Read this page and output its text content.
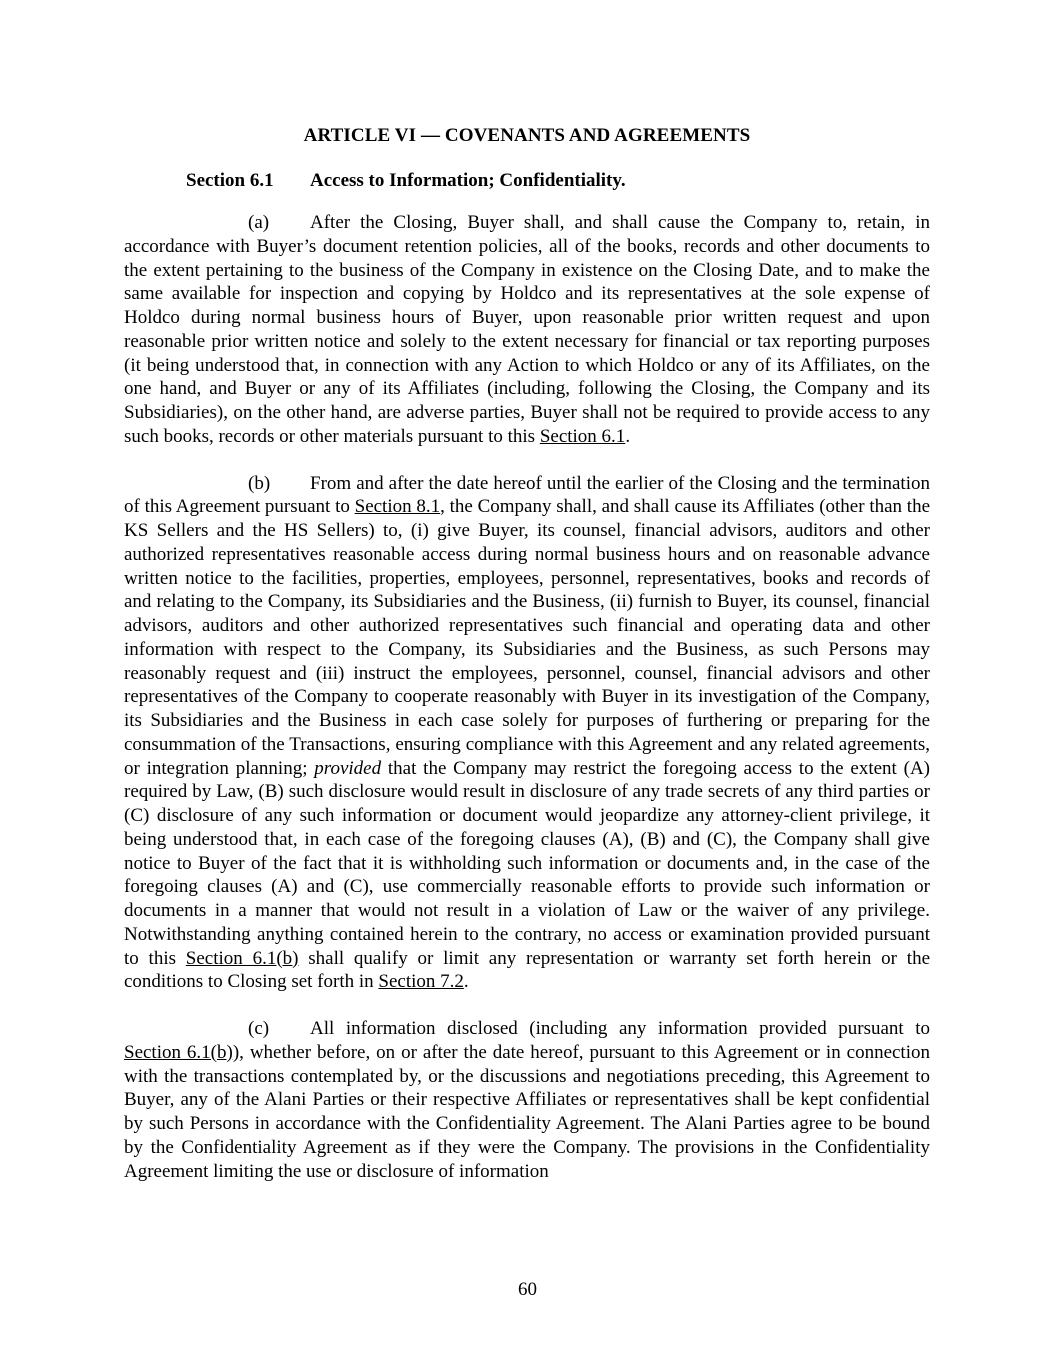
ARTICLE VI — COVENANTS AND AGREEMENTS
Section 6.1	Access to Information; Confidentiality.

(a) After the Closing, Buyer shall, and shall cause the Company to, retain, in accordance with Buyer’s document retention policies, all of the books, records and other documents to the extent pertaining to the business of the Company in existence on the Closing Date, and to make the same available for inspection and copying by Holdco and its representatives at the sole expense of Holdco during normal business hours of Buyer, upon reasonable prior written request and upon reasonable prior written notice and solely to the extent necessary for financial or tax reporting purposes (it being understood that, in connection with any Action to which Holdco or any of its Affiliates, on the one hand, and Buyer or any of its Affiliates (including, following the Closing, the Company and its Subsidiaries), on the other hand, are adverse parties, Buyer shall not be required to provide access to any such books, records or other materials pursuant to this Section 6.1.

(b) From and after the date hereof until the earlier of the Closing and the termination of this Agreement pursuant to Section 8.1, the Company shall, and shall cause its Affiliates (other than the KS Sellers and the HS Sellers) to, (i) give Buyer, its counsel, financial advisors, auditors and other authorized representatives reasonable access during normal business hours and on reasonable advance written notice to the facilities, properties, employees, personnel, representatives, books and records of and relating to the Company, its Subsidiaries and the Business, (ii) furnish to Buyer, its counsel, financial advisors, auditors and other authorized representatives such financial and operating data and other information with respect to the Company, its Subsidiaries and the Business, as such Persons may reasonably request and (iii) instruct the employees, personnel, counsel, financial advisors and other representatives of the Company to cooperate reasonably with Buyer in its investigation of the Company, its Subsidiaries and the Business in each case solely for purposes of furthering or preparing for the consummation of the Transactions, ensuring compliance with this Agreement and any related agreements, or integration planning; provided that the Company may restrict the foregoing access to the extent (A) required by Law, (B) such disclosure would result in disclosure of any trade secrets of any third parties or (C) disclosure of any such information or document would jeopardize any attorney-client privilege, it being understood that, in each case of the foregoing clauses (A), (B) and (C), the Company shall give notice to Buyer of the fact that it is withholding such information or documents and, in the case of the foregoing clauses (A) and (C), use commercially reasonable efforts to provide such information or documents in a manner that would not result in a violation of Law or the waiver of any privilege. Notwithstanding anything contained herein to the contrary, no access or examination provided pursuant to this Section 6.1(b) shall qualify or limit any representation or warranty set forth herein or the conditions to Closing set forth in Section 7.2.

(c) All information disclosed (including any information provided pursuant to Section 6.1(b)), whether before, on or after the date hereof, pursuant to this Agreement or in connection with the transactions contemplated by, or the discussions and negotiations preceding, this Agreement to Buyer, any of the Alani Parties or their respective Affiliates or representatives shall be kept confidential by such Persons in accordance with the Confidentiality Agreement. The Alani Parties agree to be bound by the Confidentiality Agreement as if they were the Company. The provisions in the Confidentiality Agreement limiting the use or disclosure of information

60
